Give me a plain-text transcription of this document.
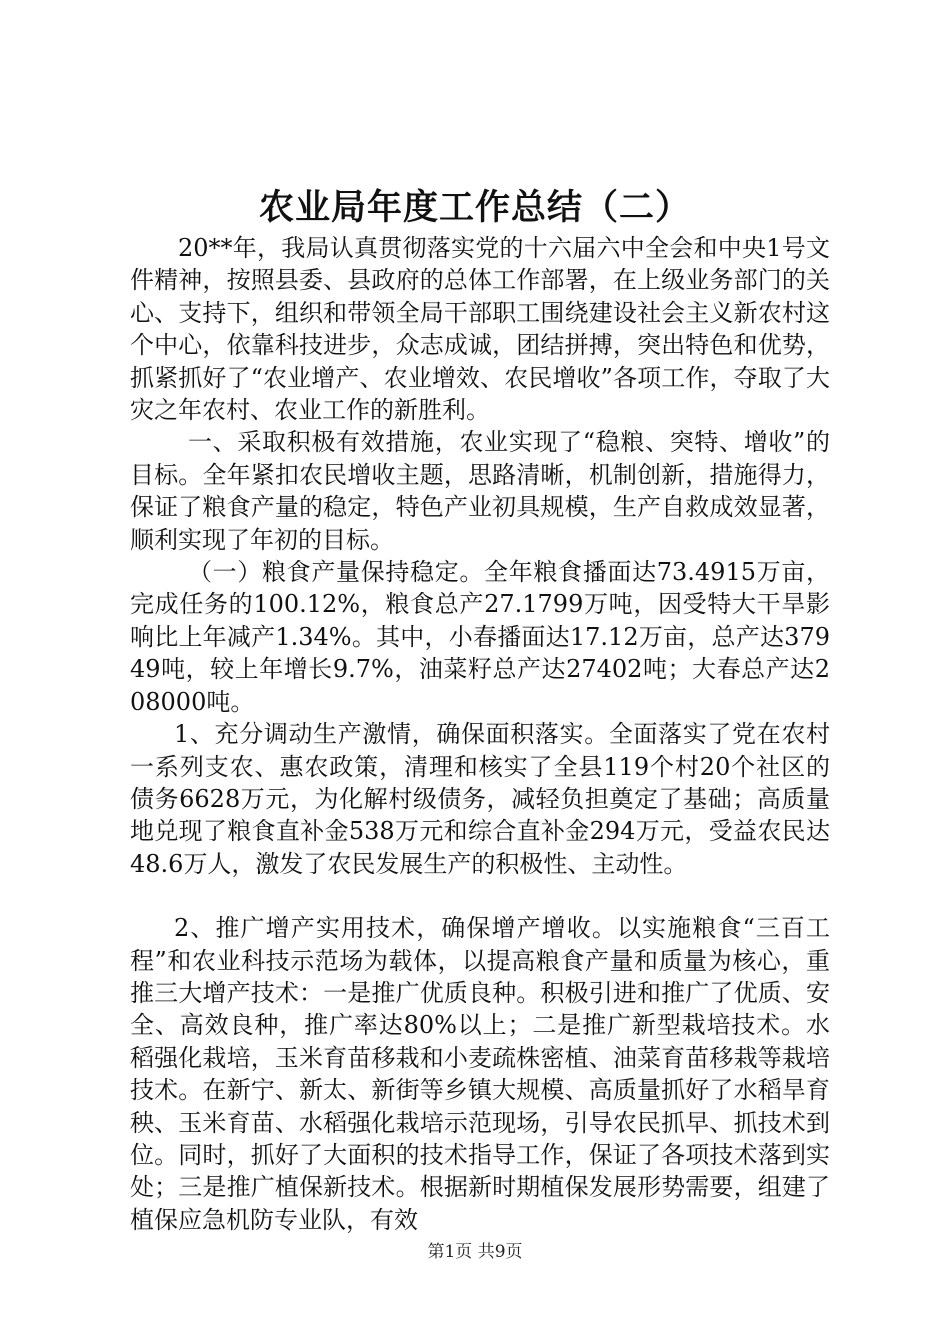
农业局年度工作总结（二）

20**年，我局认真贯彻落实党的十六届六中全会和中央1号文件精神，按照县委、县政府的总体工作部署，在上级业务部门的关心、支持下，组织和带领全局干部职工围绕建设社会主义新农村这个中心，依靠科技进步，众志成诚，团结拼搏，突出特色和优势，抓紧抓好了“农业增产、农业增效、农民增收”各项工作，夺取了大灾之年农村、农业工作的新胜利。

一、采取积极有效措施，农业实现了“稳粮、突特、增收”的目标。全年紧扣农民增收主题，思路清晰，机制创新，措施得力，保证了粮食产量的稳定，特色产业初具规模，生产自救成效显著，顺利实现了年初的目标。

（一）粮食产量保持稳定。全年粮食播面达73.4915万亩，完成任务的100.12%，粮食总产27.1799万吨，因受特大干旱影响比上年减产1.34%。其中，小春播面达17.12万亩，总产达37949吨，较上年增长9.7%，油菜籽总产达27402吨；大春总产达208000吨。

1、充分调动生产激情，确保面积落实。全面落实了党在农村一系列支农、惠农政策，清理和核实了全县119个村20个社区的债务6628万元，为化解村级债务，减轻负担奠定了基础；高质量地兑现了粮食直补金538万元和综合直补金294万元，受益农民达48.6万人，激发了农民发展生产的积极性、主动性。

2、推广增产实用技术，确保增产增收。以实施粮食“三百工程”和农业科技示范场为载体，以提高粮食产量和质量为核心，重推三大增产技术：一是推广优质良种。积极引进和推广了优质、安全、高效良种，推广率达80%以上；二是推广新型栽培技术。水稻强化栽培，玉米育苗移栽和小麦疏株密植、油菜育苗移栽等栽培技术。在新宁、新太、新街等乡镇大规模、高质量抓好了水稻旱育秧、玉米育苗、水稻强化栽培示范现场，引导农民抓早、抓技术到位。同时，抓好了大面积的技术指导工作，保证了各项技术落到实处；三是推广植保新技术。根据新时期植保发展形势需要，组建了植保应急机防专业队，有效

第1页 共9页
